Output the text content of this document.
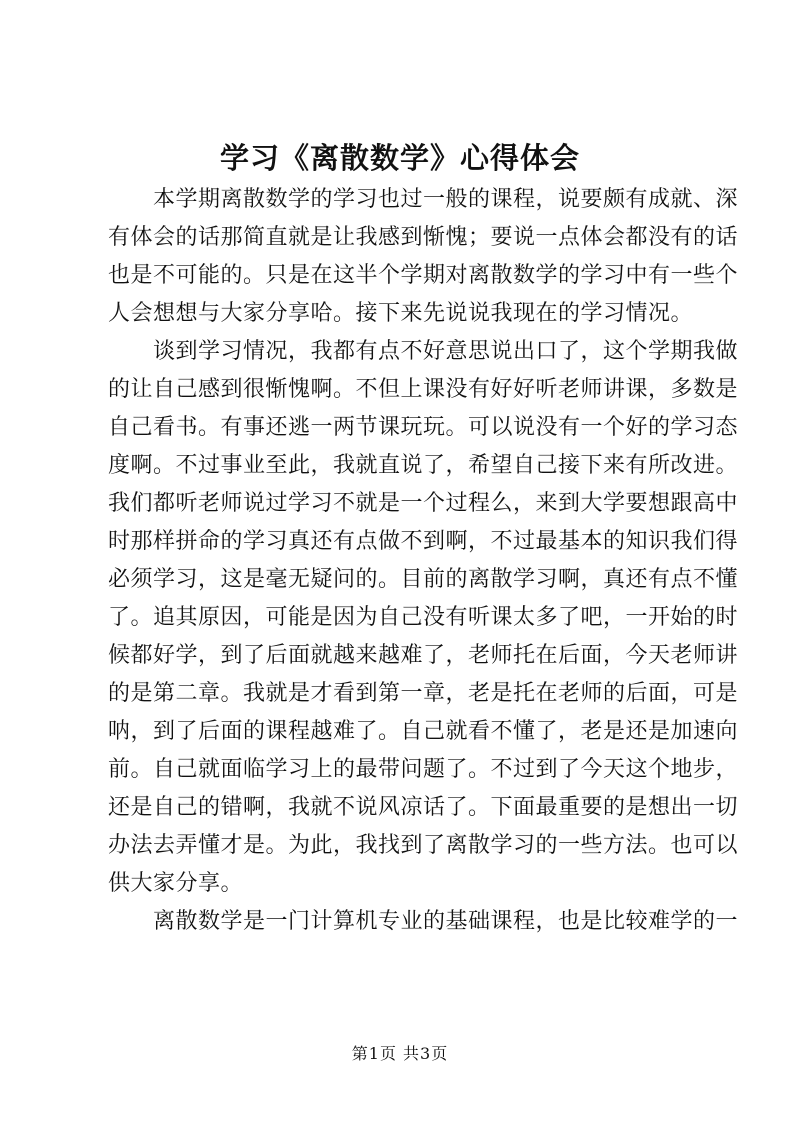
学习《离散数学》心得体会
　　本学期离散数学的学习也过一般的课程，说要颇有成就、深
有体会的话那简直就是让我感到惭愧；要说一点体会都没有的话
也是不可能的。只是在这半个学期对离散数学的学习中有一些个
人会想想与大家分享哈。接下来先说说我现在的学习情况。
　　谈到学习情况，我都有点不好意思说出口了，这个学期我做
的让自己感到很惭愧啊。不但上课没有好好听老师讲课，多数是
自己看书。有事还逃一两节课玩玩。可以说没有一个好的学习态
度啊。不过事业至此，我就直说了，希望自己接下来有所改进。
我们都听老师说过学习不就是一个过程么，来到大学要想跟高中
时那样拼命的学习真还有点做不到啊，不过最基本的知识我们得
必须学习，这是毫无疑问的。目前的离散学习啊，真还有点不懂
了。追其原因，可能是因为自己没有听课太多了吧，一开始的时
候都好学，到了后面就越来越难了，老师托在后面，今天老师讲
的是第二章。我就是才看到第一章，老是托在老师的后面，可是
呐，到了后面的课程越难了。自己就看不懂了，老是还是加速向
前。自己就面临学习上的最带问题了。不过到了今天这个地步，
还是自己的错啊，我就不说风凉话了。下面最重要的是想出一切
办法去弄懂才是。为此，我找到了离散学习的一些方法。也可以
供大家分享。
　　离散数学是一门计算机专业的基础课程，也是比较难学的一
第1页 共3页
